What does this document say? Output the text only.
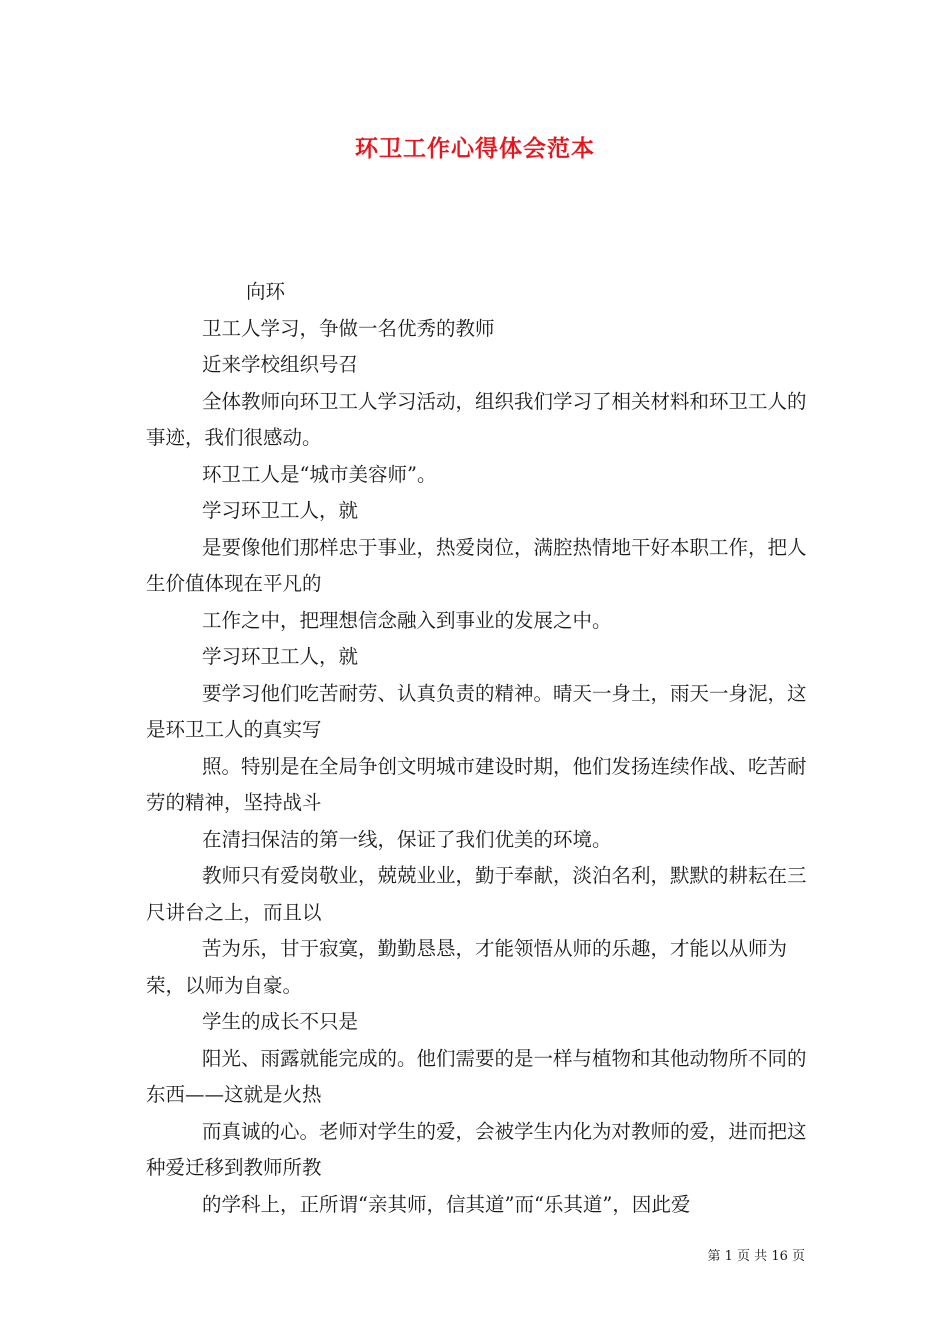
环卫工作心得体会范本

向环

卫工人学习，争做一名优秀的教师

近来学校组织号召

全体教师向环卫工人学习活动，组织我们学习了相关材料和环卫工人的事迹，我们很感动。

环卫工人是“城市美容师”。

学习环卫工人，就

是要像他们那样忠于事业，热爱岗位，满腔热情地干好本职工作，把人生价值体现在平凡的

工作之中，把理想信念融入到事业的发展之中。

学习环卫工人，就

要学习他们吃苦耐劳、认真负责的精神。晴天一身土，雨天一身泥，这是环卫工人的真实写

照。特别是在全局争创文明城市建设时期，他们发扬连续作战、吃苦耐劳的精神，坚持战斗

在清扫保洁的第一线，保证了我们优美的环境。

教师只有爱岗敬业，兢兢业业，勤于奉献，淡泊名利，默默的耕耘在三尺讲台之上，而且以

苦为乐，甘于寂寞，勤勤恳恳，才能领悟从师的乐趣，才能以从师为荣，以师为自豪。

学生的成长不只是

阳光、雨露就能完成的。他们需要的是一样与植物和其他动物所不同的东西——这就是火热

而真诚的心。老师对学生的爱，会被学生内化为对教师的爱，进而把这种爱迁移到教师所教

的学科上，正所谓“亲其师，信其道”而“乐其道”，因此爱

第 1 页 共 16 页
